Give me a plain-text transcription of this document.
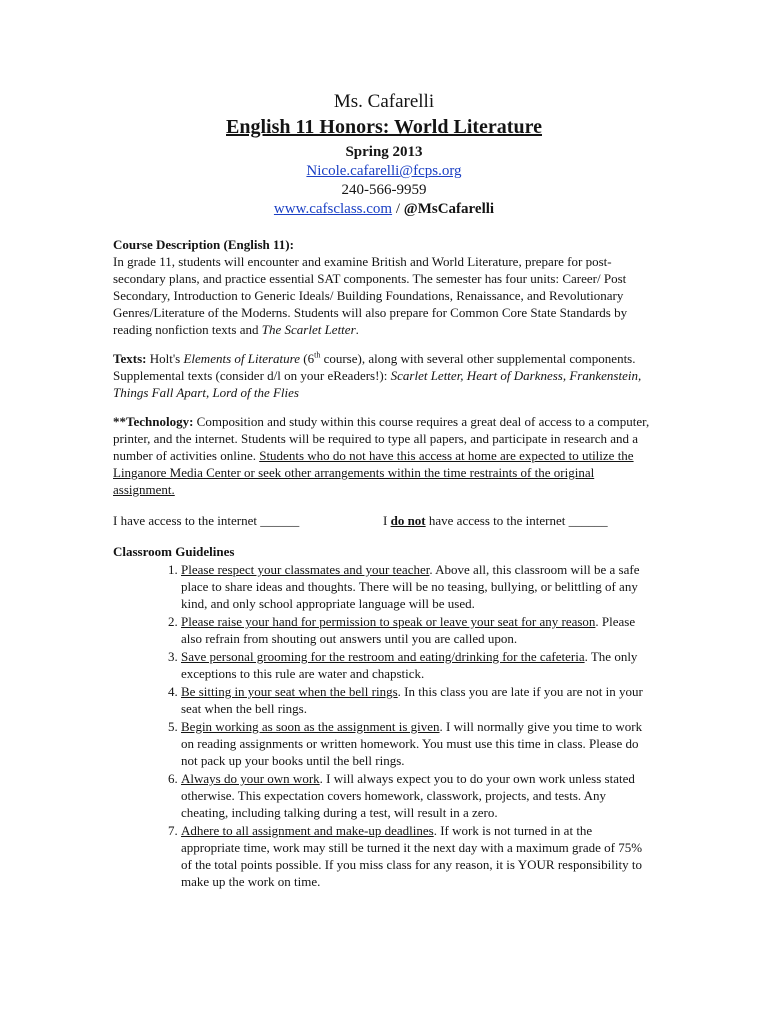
Ms. Cafarelli
English 11 Honors: World Literature
Spring 2013
Nicole.cafarelli@fcps.org
240-566-9959
www.cafsclass.com / @MsCafarelli
Course Description (English 11):
In grade 11, students will encounter and examine British and World Literature, prepare for post-secondary plans, and practice essential SAT components. The semester has four units: Career/ Post Secondary, Introduction to Generic Ideals/ Building Foundations, Renaissance, and Revolutionary Genres/Literature of the Moderns. Students will also prepare for Common Core State Standards by reading nonfiction texts and The Scarlet Letter.
Texts: Holt's Elements of Literature (6th course), along with several other supplemental components. Supplemental texts (consider d/l on your eReaders!): Scarlet Letter, Heart of Darkness, Frankenstein, Things Fall Apart, Lord of the Flies
**Technology: Composition and study within this course requires a great deal of access to a computer, printer, and the internet. Students will be required to type all papers, and participate in research and a number of activities online. Students who do not have this access at home are expected to utilize the Linganore Media Center or seek other arrangements within the time restraints of the original assignment.
I have access to the internet ______	I do not have access to the internet ______
Classroom Guidelines
1. Please respect your classmates and your teacher. Above all, this classroom will be a safe place to share ideas and thoughts. There will be no teasing, bullying, or belittling of any kind, and only school appropriate language will be used.
2. Please raise your hand for permission to speak or leave your seat for any reason. Please also refrain from shouting out answers until you are called upon.
3. Save personal grooming for the restroom and eating/drinking for the cafeteria. The only exceptions to this rule are water and chapstick.
4. Be sitting in your seat when the bell rings. In this class you are late if you are not in your seat when the bell rings.
5. Begin working as soon as the assignment is given. I will normally give you time to work on reading assignments or written homework. You must use this time in class. Please do not pack up your books until the bell rings.
6. Always do your own work. I will always expect you to do your own work unless stated otherwise. This expectation covers homework, classwork, projects, and tests. Any cheating, including talking during a test, will result in a zero.
7. Adhere to all assignment and make-up deadlines. If work is not turned in at the appropriate time, work may still be turned it the next day with a maximum grade of 75% of the total points possible. If you miss class for any reason, it is YOUR responsibility to make up the work on time.
